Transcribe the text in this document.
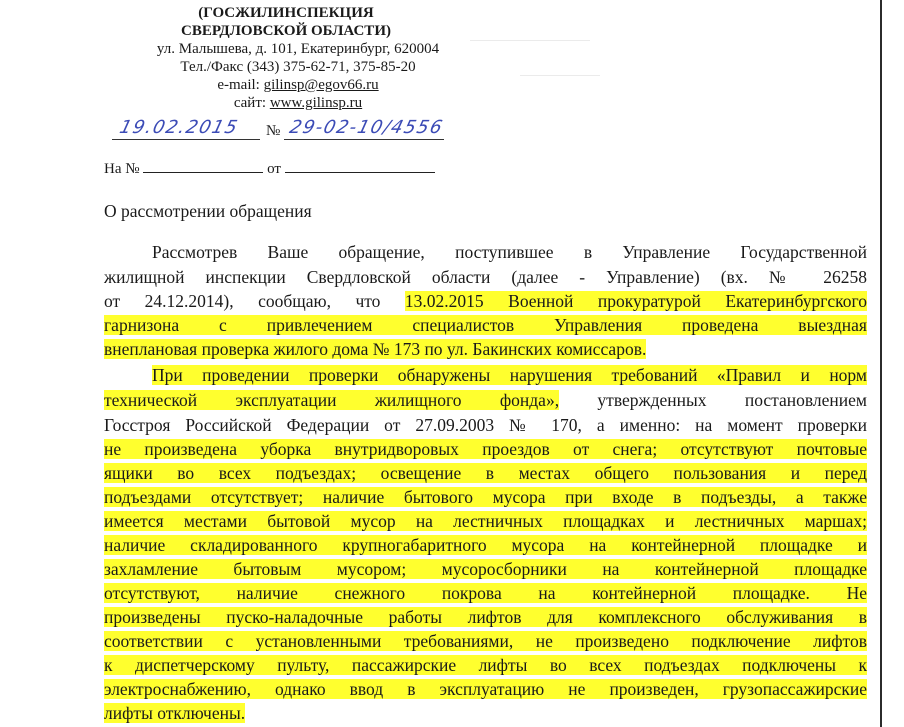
(ГОСЖИЛИНСПЕКЦИЯ
СВЕРДЛОВСКОЙ ОБЛАСТИ)
ул. Малышева, д. 101, Екатеринбург, 620004
Тел./Факс (343) 375-62-71, 375-85-20
e-mail: gilinsp@egov66.ru
сайт: www.gilinsp.ru
19.02.2015 № 29-02-10/4556
На №	от
О рассмотрении обращения
Рассмотрев Ваше обращение, поступившее в Управление Государственной
жилищной инспекции Свердловской области (далее - Управление) (вх. № 26258
от 24.12.2014), сообщаю, что 13.02.2015 Военной прокуратурой Екатеринбургского
гарнизона с привлечением специалистов Управления проведена выездная
внеплановая проверка жилого дома № 173 по ул. Бакинских комиссаров.
При проведении проверки обнаружены нарушения требований «Правил и норм
технической эксплуатации жилищного фонда», утвержденных постановлением
Госстроя Российской Федерации от 27.09.2003 № 170, а именно: на момент проверки
не произведена уборка внутридворовых проездов от снега; отсутствуют почтовые
ящики во всех подъездах; освещение в местах общего пользования и перед
подъездами отсутствует; наличие бытового мусора при входе в подъезды, а также
имеется местами бытовой мусор на лестничных площадках и лестничных маршах;
наличие складированного крупногабаритного мусора на контейнерной площадке и
захламление бытовым мусором; мусоросборники на контейнерной площадке
отсутствуют, наличие снежного покрова на контейнерной площадке. Не
произведены пуско-наладочные работы лифтов для комплексного обслуживания в
соответствии с установленными требованиями, не произведено подключение лифтов
к диспетчерскому пульту, пассажирские лифты во всех подъездах подключены к
электроснабжению, однако ввод в эксплуатацию не произведен, грузопассажирские
лифты отключены.
